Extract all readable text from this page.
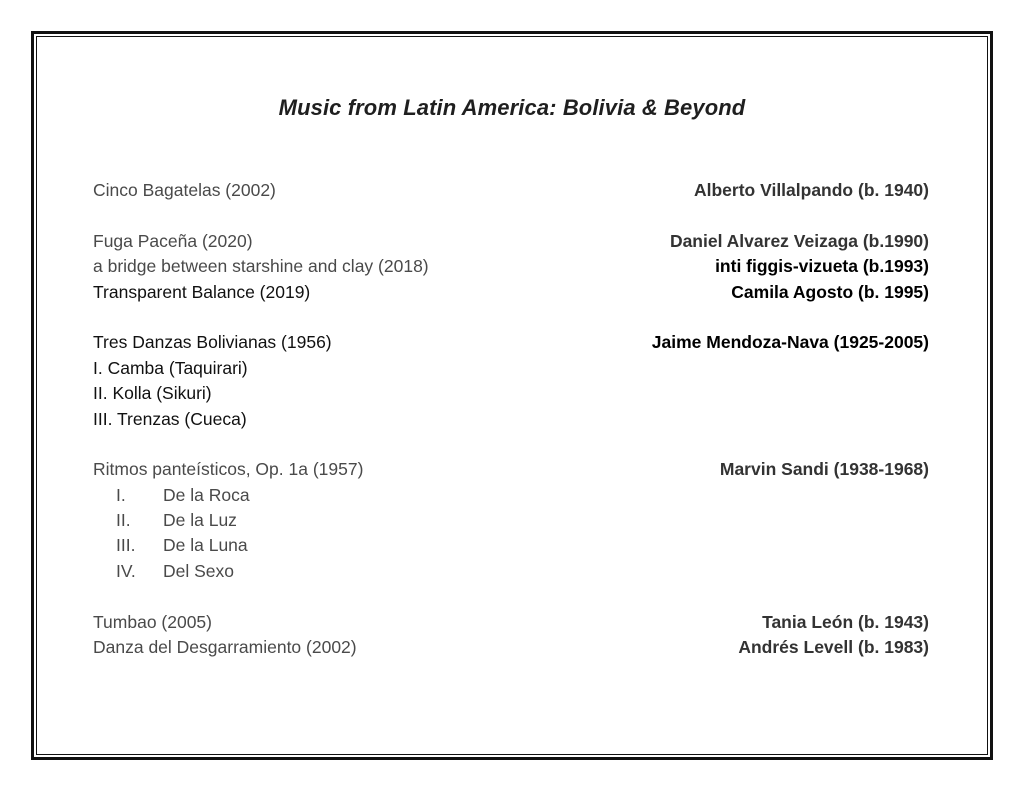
Music from Latin America: Bolivia & Beyond
Cinco Bagatelas (2002)	Alberto Villalpando (b. 1940)
Fuga Paceña (2020)	Daniel Alvarez Veizaga (b.1990)
a bridge between starshine and clay (2018)	inti figgis-vizueta (b.1993)
Transparent Balance (2019)	Camila Agosto (b. 1995)
Tres Danzas Bolivianas (1956)	Jaime Mendoza-Nava (1925-2005)
I. Camba (Taquirari)
II. Kolla (Sikuri)
III. Trenzas (Cueca)
Ritmos panteísticos, Op. 1a (1957)	Marvin Sandi (1938-1968)
I. De la Roca
II. De la Luz
III. De la Luna
IV. Del Sexo
Tumbao (2005)	Tania León (b. 1943)
Danza del Desgarramiento (2002)	Andrés Levell (b. 1983)
